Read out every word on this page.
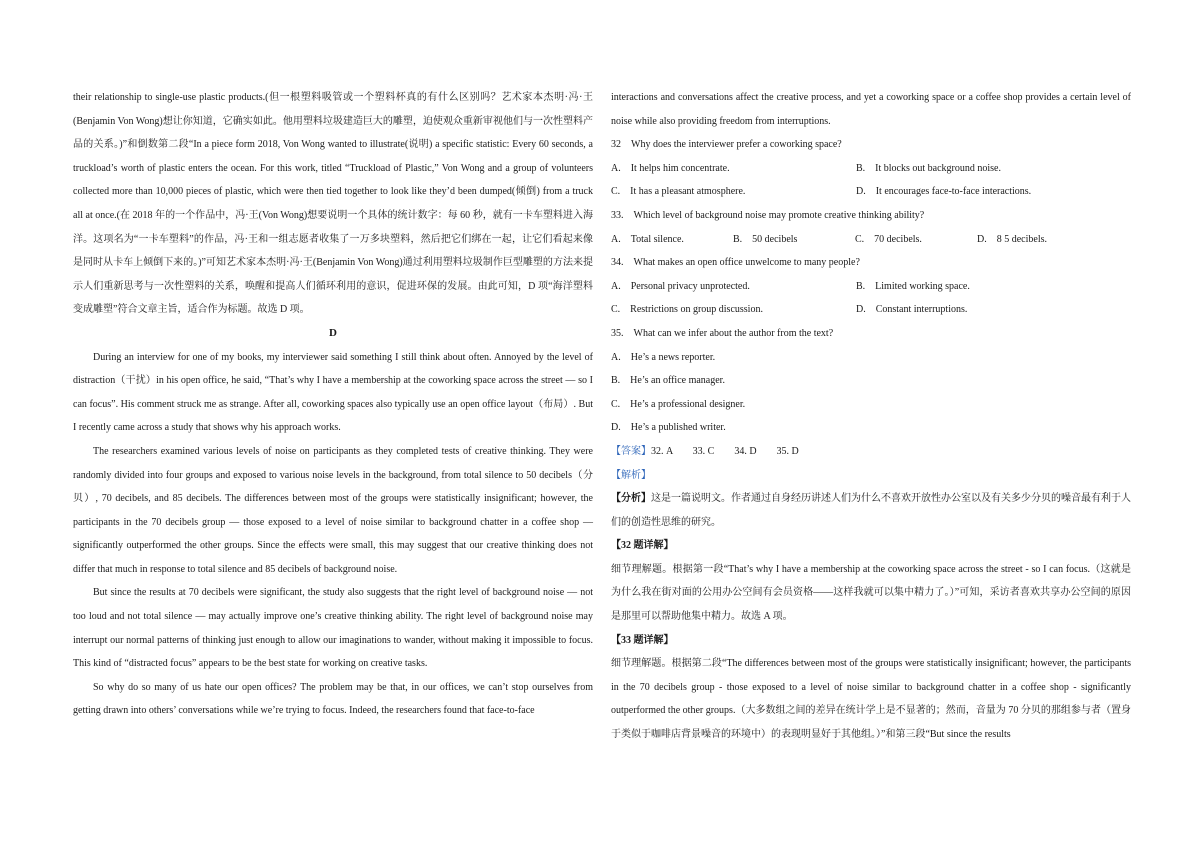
their relationship to single-use plastic products.(但一根塑料吸管或一个塑料杯真的有什么区别吗？艺术家本杰明·冯·王(Benjamin Von Wong)想让你知道，它确实如此。他用塑料垃圾建造巨大的雕塑，迫使观众重新审视他们与一次性塑料产品的关系。)”和倒数第二段“In a piece form 2018, Von Wong wanted to illustrate(说明) a specific statistic: Every 60 seconds, a truckload’s worth of plastic enters the ocean. For this work, titled “Truckload of Plastic,” Von Wong and a group of volunteers collected more than 10,000 pieces of plastic, which were then tied together to look like they’d been dumped(倾倒) from a truck all at once.(在 2018 年的一个作品中，冯·王(Von Wong)想要说明一个具体的统计数字：每 60 秒，就有一卡车塑料进入海洋。这项名为“一卡车塑料”的作品，冯·王和一组志愿者收集了一万多块塑料，然后把它们绑在一起，让它们看起来像是同时从卡车上倾倒下来的。)”可知艺术家本杰明·冯·王(Benjamin Von Wong)通过利用塑料垃圾制作巨型雕塑的方法来提示人们重新思考与一次性塑料的关系，唤醒和提高人们循环利用的意识，促进环保的发展。由此可知，D 项“海洋塑料变成雕塑”符合文章主旨，适合作为标题。故选 D 项。

D

During an interview for one of my books, my interviewer said something I still think about often. Annoyed by the level of distraction（干扰）in his open office, he said, “That’s why I have a membership at the coworking space across the street — so I can focus”. His comment struck me as strange. After all, coworking spaces also typically use an open office layout（布局）. But I recently came across a study that shows why his approach works.

The researchers examined various levels of noise on participants as they completed tests of creative thinking. They were randomly divided into four groups and exposed to various noise levels in the background, from total silence to 50 decibels（分贝）, 70 decibels, and 85 decibels. The differences between most of the groups were statistically insignificant; however, the participants in the 70 decibels group — those exposed to a level of noise similar to background chatter in a coffee shop — significantly outperformed the other groups. Since the effects were small, this may suggest that our creative thinking does not differ that much in response to total silence and 85 decibels of background noise.

But since the results at 70 decibels were significant, the study also suggests that the right level of background noise — not too loud and not total silence — may actually improve one’s creative thinking ability. The right level of background noise may interrupt our normal patterns of thinking just enough to allow our imaginations to wander, without making it impossible to focus. This kind of “distracted focus” appears to be the best state for working on creative tasks.

So why do so many of us hate our open offices? The problem may be that, in our offices, we can’t stop ourselves from getting drawn into others’ conversations while we’re trying to focus. Indeed, the researchers found that face-to-face

interactions and conversations affect the creative process, and yet a coworking space or a coffee shop provides a certain level of noise while also providing freedom from interruptions.

32　Why does the interviewer prefer a coworking space?
A.　It helps him concentrate.	B.　It blocks out background noise.
C.　It has a pleasant atmosphere.	D.　It encourages face-to-face interactions.
33.　Which level of background noise may promote creative thinking ability?
A.　Total silence.	B.　50 decibels	C.　70 decibels.	D.　8 5 decibels.
34.　What makes an open office unwelcome to many people?
A.　Personal privacy unprotected.	B.　Limited working space.
C.　Restrictions on group discussion.	D.　Constant interruptions.
35.　What can we infer about the author from the text?
A.　He’s a news reporter.
B.　He’s an office manager.
C.　He’s a professional designer.
D.　He’s a published writer.
【答案】32. A　　33. C　　34. D　　35. D
【解析】

【分析】这是一篇说明文。作者通过自身经历讲述人们为什么不喜欢开放性办公室以及有关多少分贝的噪音最有利于人们的创造性思维的研究。

【32 题详解】

细节理解题。根据第一段“That’s why I have a membership at the coworking space across the street - so I can focus.（这就是为什么我在街对面的公用办公空间有会员资格——这样我就可以集中精力了。）”可知，采访者喜欢共享办公空间的原因是那里可以帮助他集中精力。故选 A 项。

【33 题详解】

细节理解题。根据第二段“The differences between most of the groups were statistically insignificant; however, the participants in the 70 decibels group - those exposed to a level of noise similar to background chatter in a coffee shop - significantly outperformed the other groups.（大多数组之间的差异在统计学上是不显著的；然而，音量为 70 分贝的那组参与者（置身于类似于咖啡店背景噪音的环境中）的表现明显好于其他组。）”和第三段“But since the results
